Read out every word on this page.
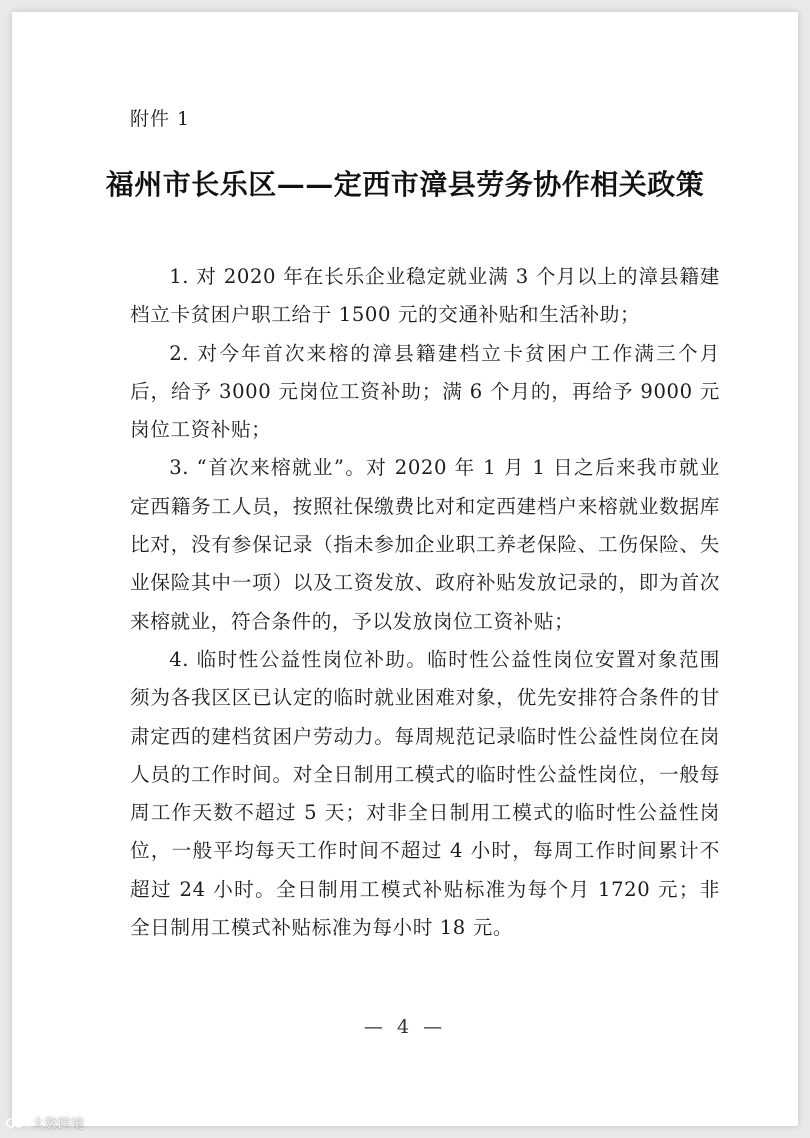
附件 1
福州市长乐区——定西市漳县劳务协作相关政策

1. 对 2020 年在长乐企业稳定就业满 3 个月以上的漳县籍建档立卡贫困户职工给于 1500 元的交通补贴和生活补助；

2. 对今年首次来榕的漳县籍建档立卡贫困户工作满三个月后，给予 3000 元岗位工资补助；满 6 个月的，再给予 9000 元岗位工资补贴；

3. “首次来榕就业”。对 2020 年 1 月 1 日之后来我市就业定西籍务工人员，按照社保缴费比对和定西建档户来榕就业数据库比对，没有参保记录（指未参加企业职工养老保险、工伤保险、失业保险其中一项）以及工资发放、政府补贴发放记录的，即为首次来榕就业，符合条件的，予以发放岗位工资补贴；

4. 临时性公益性岗位补助。临时性公益性岗位安置对象范围须为各我区区已认定的临时就业困难对象，优先安排符合条件的甘肃定西的建档贫困户劳动力。每周规范记录临时性公益性岗位在岗人员的工作时间。对全日制用工模式的临时性公益性岗位，一般每周工作天数不超过 5 天；对非全日制用工模式的临时性公益性岗位，一般平均每天工作时间不超过 4 小时，每周工作时间累计不超过 24 小时。全日制用工模式补贴标准为每个月 1720 元；非全日制用工模式补贴标准为每小时 18 元。

— 4 —
大数跨境
